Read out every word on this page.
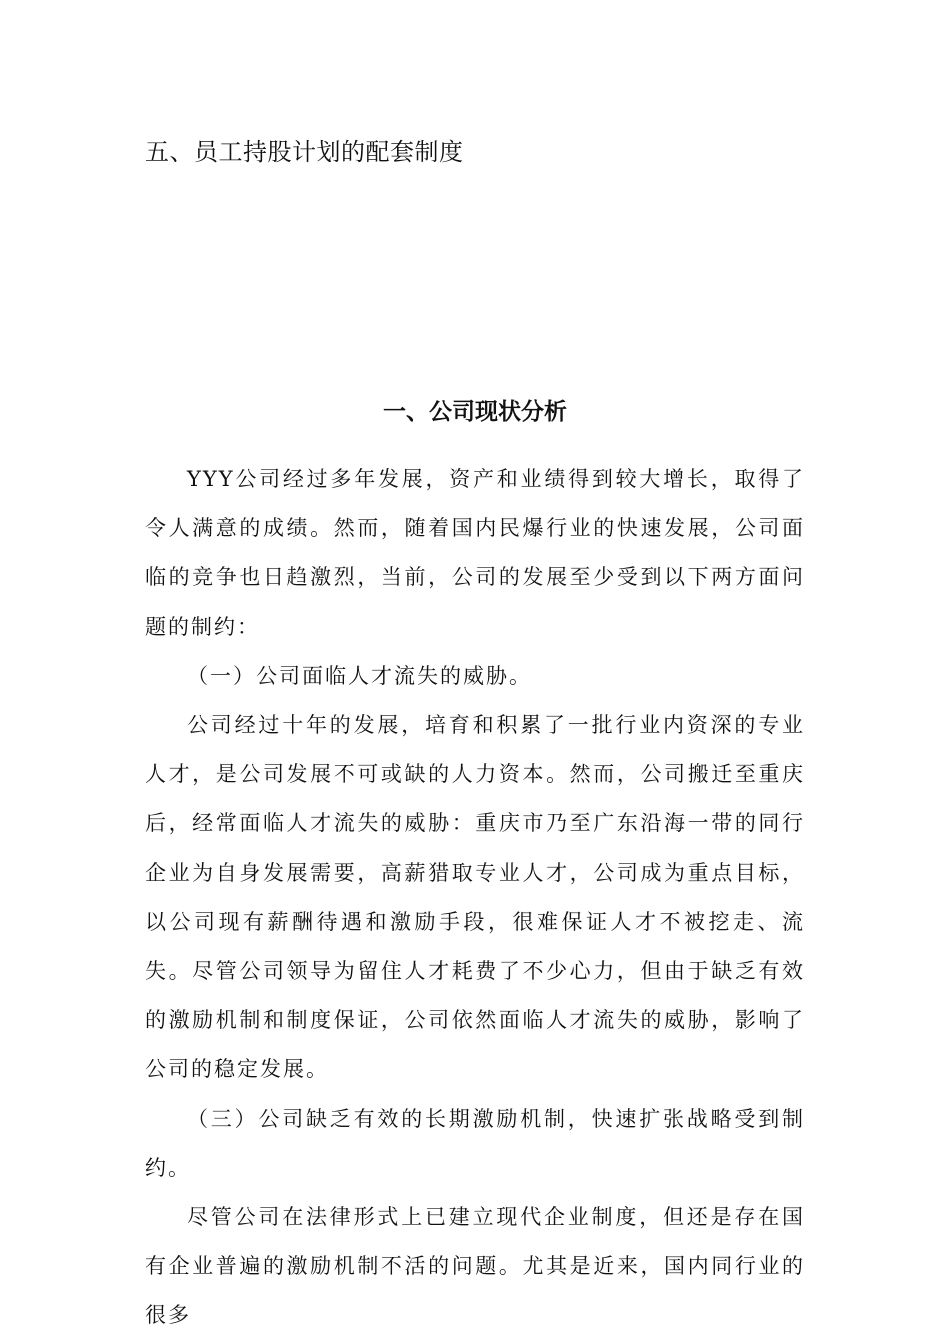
五、员工持股计划的配套制度
一、公司现状分析

YYY公司经过多年发展，资产和业绩得到较大增长，取得了令人满意的成绩。然而，随着国内民爆行业的快速发展，公司面临的竞争也日趋激烈，当前，公司的发展至少受到以下两方面问题的制约：

（一）公司面临人才流失的威胁。

公司经过十年的发展，培育和积累了一批行业内资深的专业人才，是公司发展不可或缺的人力资本。然而，公司搬迁至重庆后，经常面临人才流失的威胁：重庆市乃至广东沿海一带的同行企业为自身发展需要，高薪猎取专业人才，公司成为重点目标，以公司现有薪酬待遇和激励手段，很难保证人才不被挖走、流失。尽管公司领导为留住人才耗费了不少心力，但由于缺乏有效的激励机制和制度保证，公司依然面临人才流失的威胁，影响了公司的稳定发展。

（三）公司缺乏有效的长期激励机制，快速扩张战略受到制约。

尽管公司在法律形式上已建立现代企业制度，但还是存在国有企业普遍的激励机制不活的问题。尤其是近来，国内同行业的很多
